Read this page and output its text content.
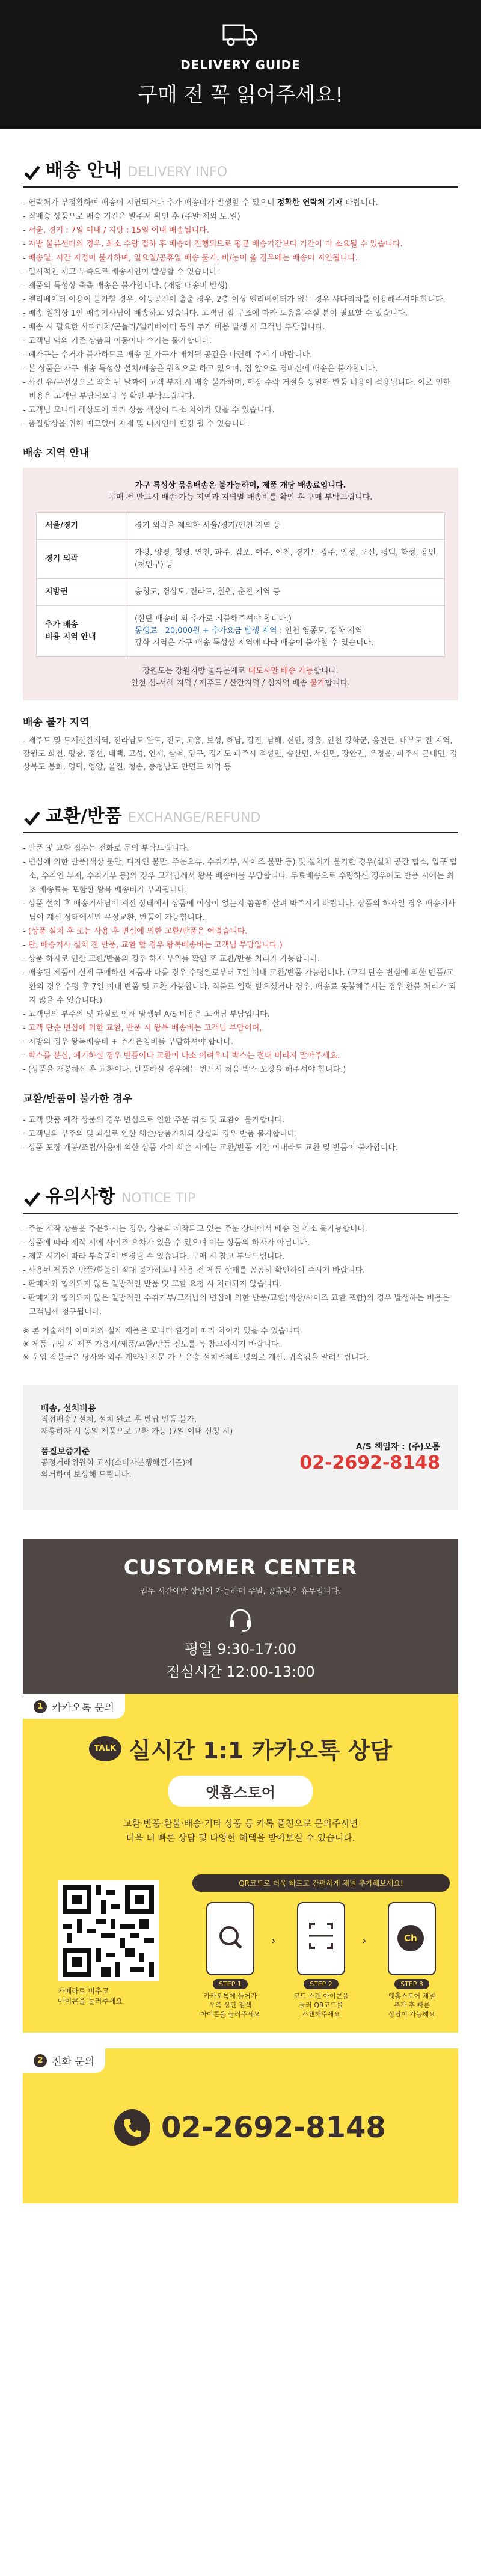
DELIVERY GUIDE
구매 전 꼭 읽어주세요!
배송 안내 DELIVERY INFO
- 연락처가 부정확하여 배송이 지연되거나 추가 배송비가 발생할 수 있으니 정확한 연락처 기재 바랍니다.
- 직배송 상품으로 배송 기간은 발주서 확인 후 (주말 제외 토,일)
- 서울, 경기 : 7일 이내 / 지방 : 15일 이내 배송됩니다.
- 지방 물류센터의 경우, 최소 수량 집하 후 배송이 진행되므로 평균 배송기간보다 기간이 더 소요될 수 있습니다.
- 배송일, 시간 지정이 불가하며, 일요일/공휴일 배송 불가, 비/눈이 올 경우에는 배송이 지연됩니다.
- 일시적인 재고 부족으로 배송지연이 발생할 수 있습니다.
- 제품의 특성상 축출 배송은 불가합니다. (개당 배송비 발생)
- 엘리베이터 이용이 불가할 경우, 이동공간이 출출 경우, 2층 이상 엘리베이터가 없는 경우 사다리차를 이용해주셔야 합니다.
- 배송 원칙상 1인 배송기사님이 배송하고 있습니다. 고객님 집 구조에 따라 도움을 주실 분이 필요할 수 있습니다.
- 배송 시 필요한 사다리차/곤돌라/엘리베이터 등의 추가 비용 발생 시 고객님 부담입니다.
- 고객님 댁의 기존 상품의 이동이나 수거는 불가합니다.
- 폐가구는 수거가 불가하므로 배송 전 가구가 배치될 공간을 마련해 주시기 바랍니다.
- 본 상품은 가구 배송 특성상 설치/배송을 원칙으로 하고 있으며, 집 앞으로 경비실에 배송은 불가합니다.
- 사전 유/무선상으로 약속 된 날짜에 고객 부재 시 배송 불가하며, 현장 수락 거절을 동일한 반품 비용이 적용됩니다. 이로 인한 비용은 고객님 부담되오니 꼭 확인 부탁드립니다.
- 고객님 모니터 해상도에 따라 상품 색상이 다소 차이가 있을 수 있습니다.
- 품질향상을 위해 예고없이 자재 및 디자인이 변경 될 수 있습니다.
배송 지역 안내
가구 특성상 묶음배송은 불가능하며, 제품 개당 배송료입니다.
구매 전 반드시 배송 가능 지역과 지역별 배송비를 확인 후 구매 부탁드립니다.
서울/경기	경기 외곽을 제외한 서울/경기/인천 지역 등
경기 외곽	가평, 양평, 청평, 연천, 파주, 김포, 여주, 이천, 경기도 광주, 안성, 오산, 평택, 화성, 용인 (처인구) 등
지방권	충청도, 경상도, 전라도, 철원, 춘천 지역 등
추가 배송
비용 지역 안내	(산단 배송비 외 추가로 지불해주셔야 합니다.)
통행료 - 20,000원 + 추가요금 발생 지역 : 인천 영종도, 강화 지역
강화 지역은 가구 배송 특성상 지역에 따라 배송이 불가할 수 있습니다.
강원도는 강원지방 물류문제로 대도시만 배송 가능합니다.
인천 섬-서해 지역 / 제주도 / 산간지역 / 섬지역 배송 불가합니다.
배송 불가 지역
- 제주도 및 도서산간지역, 전라남도 완도, 진도, 고흥, 보성, 해남, 강진, 남해, 신안, 장흥, 인천 강화군, 옹진군, 대부도 전 지역, 강원도 화천, 평창, 정선, 태백, 고성, 인제, 삼척, 양구, 경기도 파주시 적성면, 송산면, 서신면, 장안면, 우정읍, 파주시 군내면, 경상북도 봉화, 영덕, 영양, 울진, 청송, 충청남도 안면도 지역 등
교환/반품 EXCHANGE/REFUND
- 반품 및 교환 접수는 전화로 문의 부탁드립니다.
- 변심에 의한 반품(색상 불만, 디자인 불만, 주문오류, 수취거부, 사이즈 불만 등) 및 설치가 불가한 경우(설치 공간 협소, 입구 협소, 수취인 부재, 수취거부 등)의 경우 고객님께서 왕복 배송비를 부담합니다. 무료배송으로 수령하신 경우에도 반품 시에는 최초 배송료를 포함한 왕복 배송비가 부과됩니다.
- 상품 설치 후 배송기사님이 계신 상태에서 상품에 이상이 없는지 꼼꼼히 살펴 봐주시기 바랍니다. 상품의 하자일 경우 배송기사님이 계신 상태에서만 무상교환, 반품이 가능합니다.
- (상품 설치 후 또는 사용 후 변심에 의한 교환/반품은 어렵습니다.
- 단, 배송기사 설치 전 반품, 교환 할 경우 왕복배송비는 고객님 부담입니다.)
- 상품 하자로 인한 교환/반품의 경우 하자 부위를 확인 후 교환/반품 처리가 가능합니다.
- 배송된 제품이 실제 구매하신 제품과 다를 경우 수령일로부터 7일 이내 교환/반품 가능합니다. (고객 단순 변심에 의한 반품/교환의 경우 수령 후 7일 이내 반품 및 교환 가능합니다. 직불로 입력 받으셨거나 경우, 배송료 동봉해주시는 경우 환불 처리가 되지 않을 수 있습니다.)
- 고객님의 부주의 및 과실로 인해 발생된 A/S 비용은 고객님 부담입니다.
- 고객 단순 변심에 의한 교환, 반품 시 왕복 배송비는 고객님 부담이며,
- 지방의 경우 왕복배송비 + 추가운임비를 부담하셔야 합니다.
- 박스를 분실, 폐기하실 경우 반품이나 교환이 다소 어려우니 박스는 절대 버리지 말아주세요.
- (상품을 개봉하신 후 교환이나, 반품하실 경우에는 반드시 처음 박스 포장을 해주셔야 합니다.)
교환/반품이 불가한 경우
- 고객 맞춤 제작 상품의 경우 변심으로 인한 주문 취소 및 교환이 불가합니다.
- 고객님의 부주의 및 과실로 인한 훼손/상품가치의 상실의 경우 반품 불가합니다.
- 상품 포장 개봉/조립/사용에 의한 상품 가치 훼손 시에는 교환/반품 기간 이내라도 교환 및 반품이 불가합니다.
유의사항 NOTICE TIP
- 주문 제작 상품을 주문하시는 경우, 상품의 제작되고 있는 주문 상태에서 배송 전 취소 불가능합니다.
- 상품에 따라 제작 시에 사이즈 오차가 있을 수 있으며 이는 상품의 하자가 아닙니다.
- 제품 시기에 따라 부속품이 변경될 수 있습니다. 구매 시 참고 부탁드립니다.
- 사용된 제품은 반품/환불이 절대 불가하오니 사용 전 제품 상태를 꼼꼼히 확인하여 주시기 바랍니다.
- 판매자와 협의되지 않은 일방적인 반품 및 교환 요청 시 처리되지 않습니다.
- 판매자와 협의되지 않은 일방적인 수취거부/고객님의 변심에 의한 반품/교환(색상/사이즈 교환 포함)의 경우 발생하는 비용은 고객님께 청구됩니다.
※ 본 기술서의 이미지와 실제 제품은 모니터 환경에 따라 차이가 있을 수 있습니다.
※ 제품 구입 시 제품 가용시/제품/교환/반품 정보를 꼭 참고하시기 바랍니다.
※ 운임 작불금은 당사와 외주 계약된 전문 가구 운송 설치업체의 명의로 계산, 귀속됨을 알려드립니다.
배송, 설치비용
직접배송 / 설치, 설치 완료 후 반납 반품 불가,
재룡하자 시 동일 제품으로 교환 가능 (7일 이내 신청 시)
품질보증기준
공정거래위원회 고시(소비자분쟁해결기준)에
의거하여 보상해 드립니다.
A/S 책임자 : (주)오롬
02-2692-8148
CUSTOMER CENTER
업무 시간에만 상담이 가능하며 주말, 공휴일은 휴무입니다.
평일 9:30-17:00
점심시간 12:00-13:00
1 카카오톡 문의
TALK 실시간 1:1 카카오톡 상담
앳홈스토어
교환·반품·환불·배송·기타 상품 등 카톡 플친으로 문의주시면
더욱 더 빠른 상담 및 다양한 혜택을 받아보실 수 있습니다.
카메라로 비추고
아이콘을 눌러주세요
QR코드로 더욱 빠르고 간편하게 채널 추가해보세요!
STEP 1
카카오톡에 들어가
우측 상단 검색
아이콘을 눌러주세요
›
STEP 2
코드 스캔 아이콘을
눌러 QR코드를
스캔해주세요
›	Ch
STEP 3
앳홈스토어 채널
추가 후 빠른
상담이 가능해요
2 전화 문의
02-2692-8148
